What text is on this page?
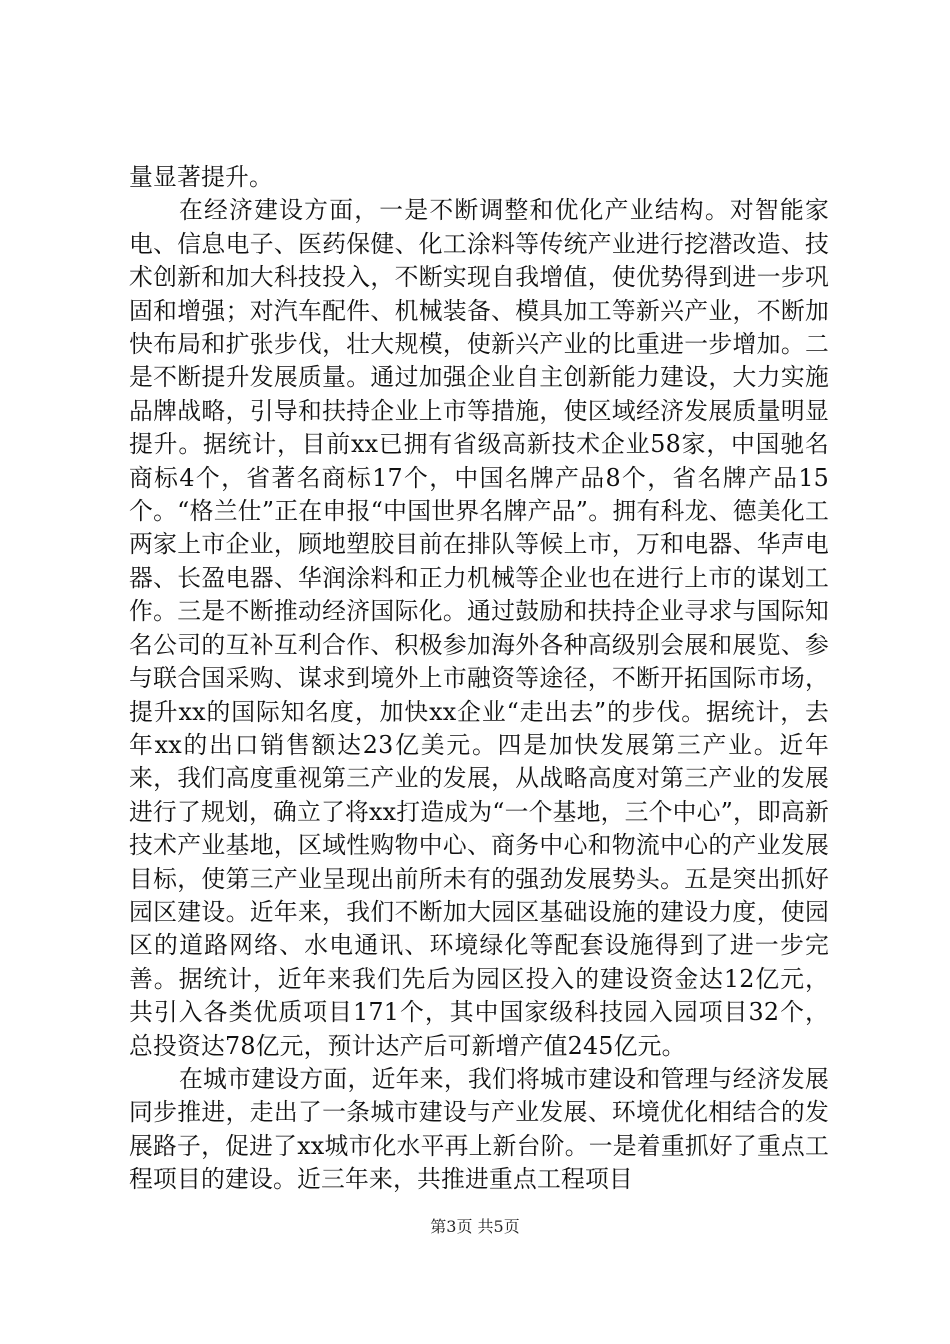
量显著提升。

在经济建设方面，一是不断调整和优化产业结构。对智能家电、信息电子、医药保健、化工涂料等传统产业进行挖潜改造、技术创新和加大科技投入，不断实现自我增值，使优势得到进一步巩固和增强；对汽车配件、机械装备、模具加工等新兴产业，不断加快布局和扩张步伐，壮大规模，使新兴产业的比重进一步增加。二是不断提升发展质量。通过加强企业自主创新能力建设，大力实施品牌战略，引导和扶持企业上市等措施，使区域经济发展质量明显提升。据统计，目前xx已拥有省级高新技术企业58家，中国驰名商标4个，省著名商标17个，中国名牌产品8个，省名牌产品15个。“格兰仕”正在申报“中国世界名牌产品”。拥有科龙、德美化工两家上市企业，顾地塑胶目前在排队等候上市，万和电器、华声电器、长盈电器、华润涂料和正力机械等企业也在进行上市的谋划工作。三是不断推动经济国际化。通过鼓励和扶持企业寻求与国际知名公司的互补互利合作、积极参加海外各种高级别会展和展览、参与联合国采购、谋求到境外上市融资等途径，不断开拓国际市场，提升xx的国际知名度，加快xx企业“走出去”的步伐。据统计，去年xx的出口销售额达23亿美元。四是加快发展第三产业。近年来，我们高度重视第三产业的发展，从战略高度对第三产业的发展进行了规划，确立了将xx打造成为“一个基地，三个中心”，即高新技术产业基地，区域性购物中心、商务中心和物流中心的产业发展目标，使第三产业呈现出前所未有的强劲发展势头。五是突出抓好园区建设。近年来，我们不断加大园区基础设施的建设力度，使园区的道路网络、水电通讯、环境绿化等配套设施得到了进一步完善。据统计，近年来我们先后为园区投入的建设资金达12亿元，共引入各类优质项目171个，其中国家级科技园入园项目32个，总投资达78亿元，预计达产后可新增产值245亿元。

在城市建设方面，近年来，我们将城市建设和管理与经济发展同步推进，走出了一条城市建设与产业发展、环境优化相结合的发展路子，促进了xx城市化水平再上新台阶。一是着重抓好了重点工程项目的建设。近三年来，共推进重点工程项目

第3页 共5页
